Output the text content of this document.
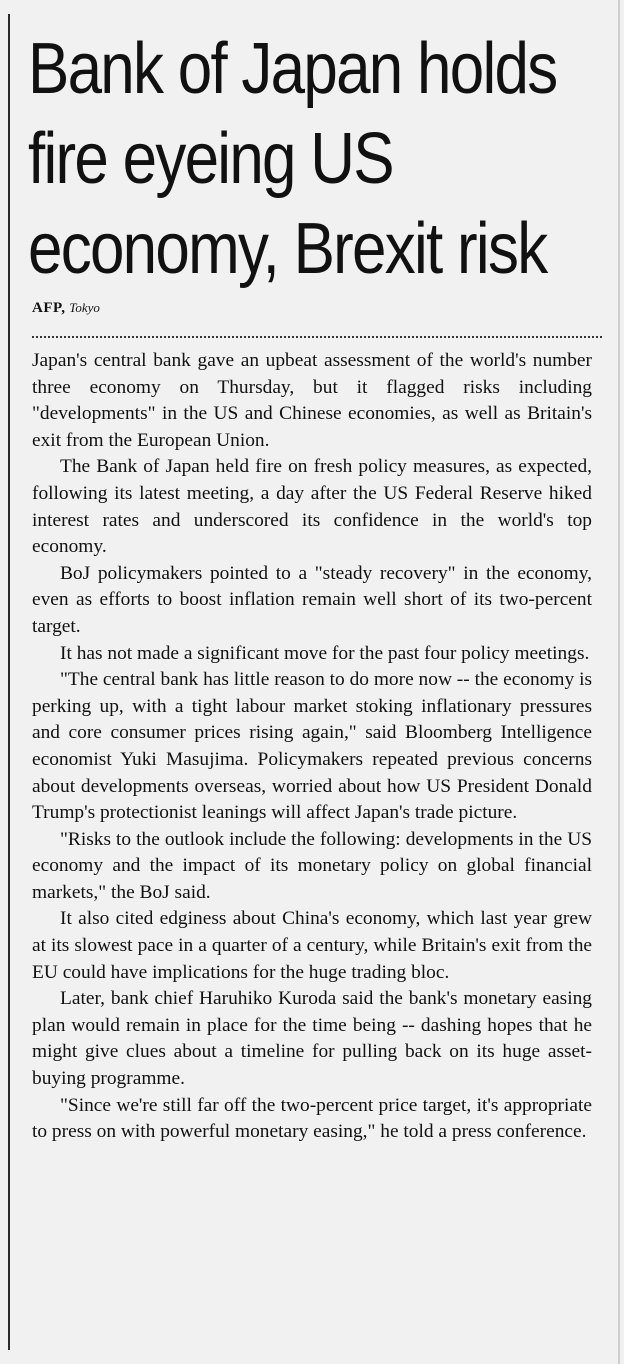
Bank of Japan holds
fire eyeing US
economy, Brexit risk
AFP, Tokyo

Japan's central bank gave an upbeat assessment of the world's number three economy on Thursday, but it flagged risks including "developments" in the US and Chinese economies, as well as Britain's exit from the European Union.

The Bank of Japan held fire on fresh policy measures, as expected, following its latest meeting, a day after the US Federal Reserve hiked interest rates and underscored its confidence in the world's top economy.

BoJ policymakers pointed to a "steady recovery" in the economy, even as efforts to boost inflation remain well short of its two-percent target.

It has not made a significant move for the past four policy meetings.

"The central bank has little reason to do more now -- the economy is perking up, with a tight labour market stoking inflationary pressures and core consumer prices rising again," said Bloomberg Intelligence economist Yuki Masujima. Policymakers repeated previous concerns about developments overseas, worried about how US President Donald Trump's protectionist leanings will affect Japan's trade picture.

"Risks to the outlook include the following: developments in the US economy and the impact of its monetary policy on global financial markets," the BoJ said.

It also cited edginess about China's economy, which last year grew at its slowest pace in a quarter of a century, while Britain's exit from the EU could have implications for the huge trading bloc.

Later, bank chief Haruhiko Kuroda said the bank's monetary easing plan would remain in place for the time being -- dashing hopes that he might give clues about a timeline for pulling back on its huge asset-buying programme.

"Since we're still far off the two-percent price target, it's appropriate to press on with powerful monetary easing," he told a press conference.
